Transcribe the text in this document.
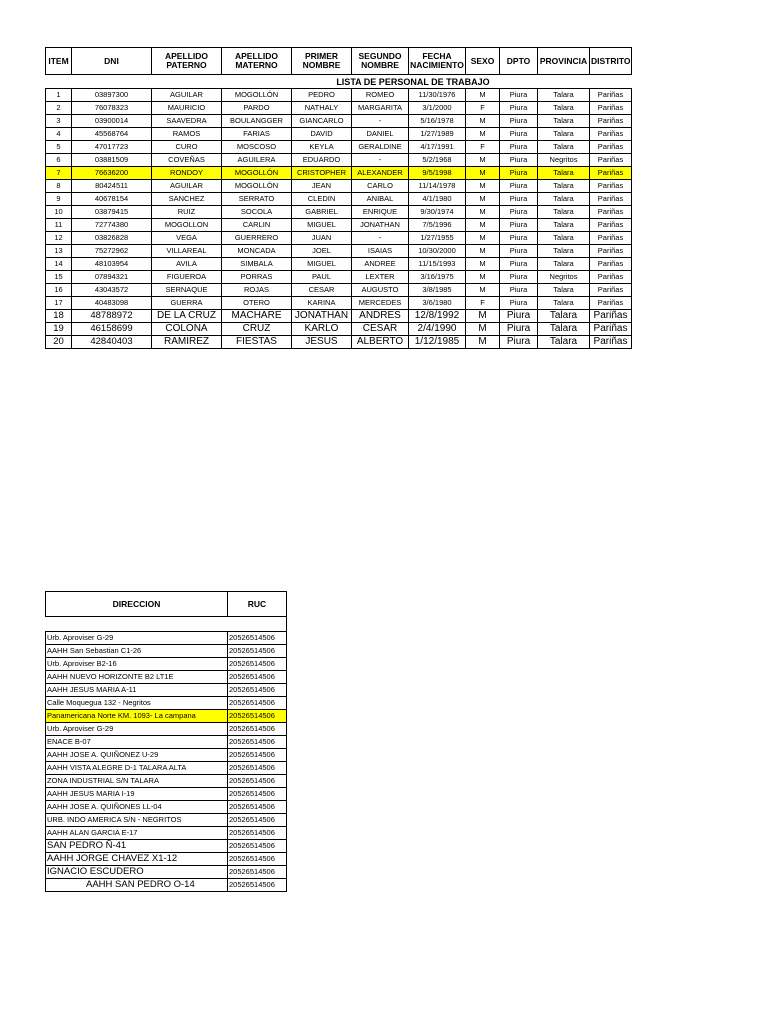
LISTA DE PERSONAL DE TRABAJO										
ITEM	DNI	APELLIDO PATERNO	APELLIDO MATERNO	PRIMER NOMBRE	SEGUNDO NOMBRE	FECHA NACIMIENTO	SEXO	DPTO	PROVINCIA	DISTRITO
1	03897300	AGUILAR	MOGOLLÓN	PEDRO	ROMEO	11/30/1976	M	Piura	Talara	Pariñas
2	76078323	MAURICIO	PARDO	NATHALY	MARGARITA	3/1/2000	F	Piura	Talara	Pariñas
3	03900014	SAAVEDRA	BOULANGGER	GIANCARLO	-	5/16/1978	M	Piura	Talara	Pariñas
4	45568764	RAMOS	FARIAS	DAVID	DANIEL	1/27/1989	M	Piura	Talara	Pariñas
5	47017723	CURO	MOSCOSO	KEYLA	GERALDINE	4/17/1991	F	Piura	Talara	Pariñas
6	03881509	COVEÑAS	AGUILERA	EDUARDO	-	5/2/1968	M	Piura	Negritos	Pariñas
7	76636200	RONDOY	MOGOLLÓN	CRISTOPHER	ALEXANDER	9/5/1998	M	Piura	Talara	Pariñas
8	80424511	AGUILAR	MOGOLLÓN	JEAN	CARLO	11/14/1978	M	Piura	Talara	Pariñas
9	40678154	SANCHEZ	SERRATO	CLEDIN	ANIBAL	4/1/1980	M	Piura	Talara	Pariñas
10	03879415	RUIZ	SOCOLA	GABRIEL	ENRIQUE	9/30/1974	M	Piura	Talara	Pariñas
11	72774380	MOGOLLON	CARLIN	MIGUEL	JONATHAN	7/5/1996	M	Piura	Talara	Pariñas
12	03826828	VEGA	GUERRERO	JUAN	-	1/27/1955	M	Piura	Talara	Pariñas
13	75272962	VILLAREAL	MONCADA	JOEL	ISAIAS	10/30/2000	M	Piura	Talara	Pariñas
14	48103954	AVILA	SIMBALA	MIGUEL	ANDREE	11/15/1993	M	Piura	Talara	Pariñas
15	07894321	FIGUEROA	PORRAS	PAUL	LEXTER	3/16/1975	M	Piura	Negritos	Pariñas
16	43043572	SERNAQUE	ROJAS	CESAR	AUGUSTO	3/8/1985	M	Piura	Talara	Pariñas
17	40483098	GUERRA	OTERO	KARINA	MERCEDES	3/6/1980	F	Piura	Talara	Pariñas
18	48788972	DE LA CRUZ	MACHARE	JONATHAN	ANDRES	12/8/1992	M	Piura	Talara	Pariñas
19	46158699	COLONA	CRUZ	KARLO	CESAR	2/4/1990	M	Piura	Talara	Pariñas
20	42840403	RAMIREZ	FIESTAS	JESUS	ALBERTO	1/12/1985	M	Piura	Talara	Pariñas

DIRECCION	RUC
Urb. Aproviser G-29	20526514506
AAHH San Sebastian C1-26	20526514506
Urb. Aproviser B2-16	20526514506
AAHH NUEVO HORIZONTE B2 LT1E	20526514506
AAHH JESUS MARIA A-11	20526514506
Calle Moquegua 132 - Negritos	20526514506
Panamericana Norte KM. 1093- La campana	20526514506
Urb. Aproviser G-29	20526514506
ENACE B-07	20526514506
AAHH JOSE A. QUIÑONEZ U-29	20526514506
AAHH VISTA ALEGRE D-1 TALARA ALTA	20526514506
ZONA INDUSTRIAL S/N TALARA	20526514506
AAHH JESUS MARIA I-19	20526514506
AAHH JOSE A. QUIÑONES LL-04	20526514506
URB. INDO AMERICA S/N - NEGRITOS	20526514506
AAHH ALAN GARCIA E-17	20526514506
SAN PEDRO Ñ-41	20526514506
AAHH JORGE CHAVEZ X1-12	20526514506
IGNACIO ESCUDERO	20526514506
AAHH SAN PEDRO O-14	20526514506
